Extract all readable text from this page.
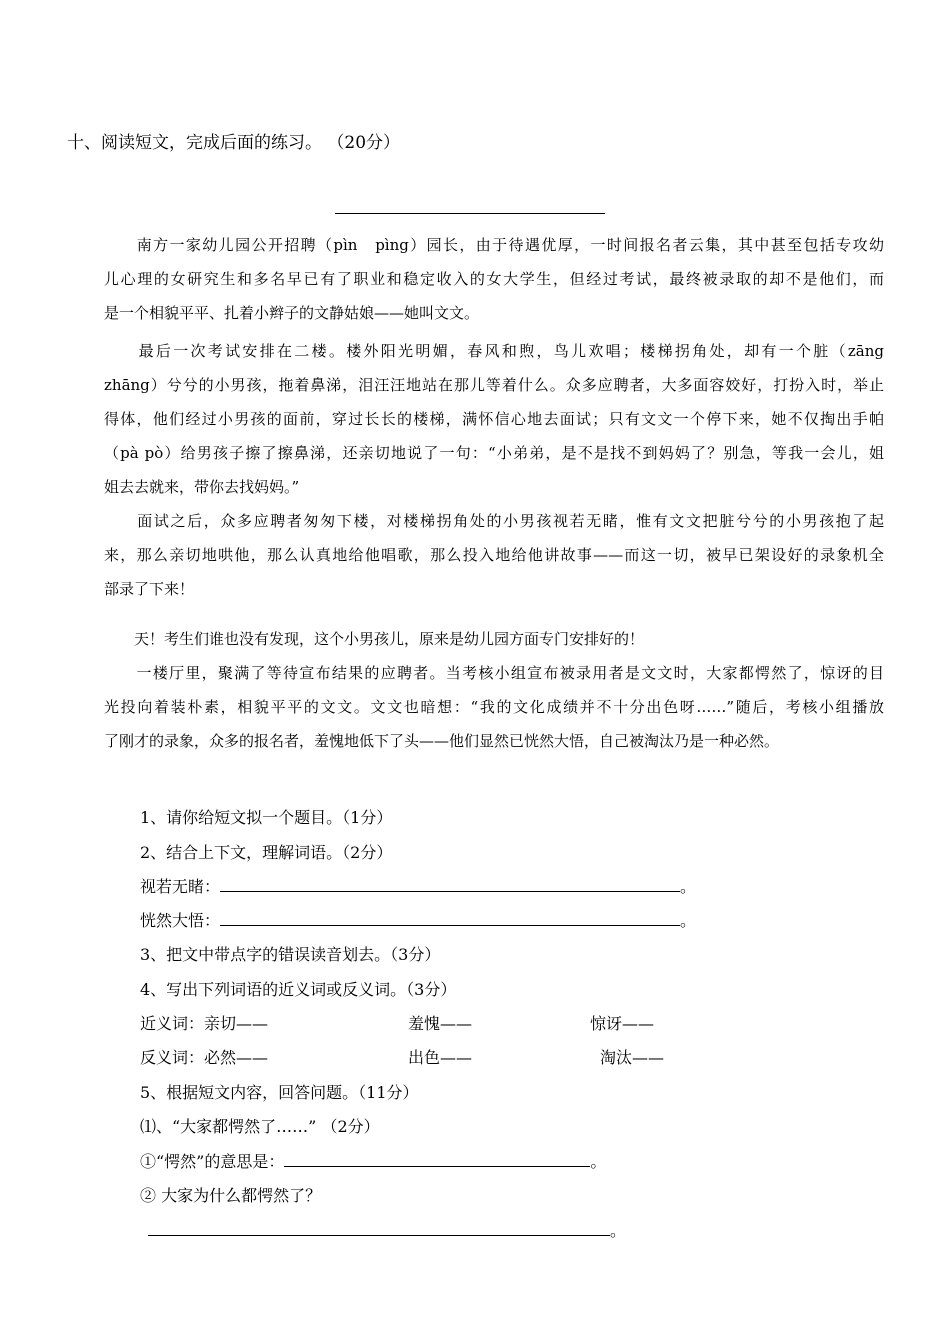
十、阅读短文，完成后面的练习。 （20分）
　　南方一家幼儿园公开招聘（pìn　pìng）园长，由于待遇优厚，一时间报名者云集，其中甚至包括专攻幼
儿心理的女研究生和多名早已有了职业和稳定收入的女大学生，但经过考试，最终被录取的却不是他们，而
是一个相貌平平、扎着小辫子的文静姑娘——她叫文文。
　　最后一次考试安排在二楼。楼外阳光明媚，春风和煦，鸟儿欢唱；楼梯拐角处，却有一个脏（zāng
zhāng）兮兮的小男孩，拖着鼻涕，泪汪汪地站在那儿等着什么。众多应聘者，大多面容姣好，打扮入时，举止
得体，他们经过小男孩的面前，穿过长长的楼梯，满怀信心地去面试；只有文文一个停下来，她不仅掏出手帕
（pà pò）给男孩子擦了擦鼻涕，还亲切地说了一句：“小弟弟，是不是找不到妈妈了？别急，等我一会儿，姐
姐去去就来，带你去找妈妈。”
　　面试之后，众多应聘者匆匆下楼，对楼梯拐角处的小男孩视若无睹，惟有文文把脏兮兮的小男孩抱了起
来，那么亲切地哄他，那么认真地给他唱歌，那么投入地给他讲故事——而这一切，被早已架设好的录象机全
部录了下来！
　　天！考生们谁也没有发现，这个小男孩儿，原来是幼儿园方面专门安排好的！
　　一楼厅里，聚满了等待宣布结果的应聘者。当考核小组宣布被录用者是文文时，大家都愕然了，惊讶的目
光投向着装朴素，相貌平平的文文。文文也暗想：“我的文化成绩并不十分出色呀……”随后，考核小组播放
了刚才的录象，众多的报名者，羞愧地低下了头——他们显然已恍然大悟，自己被淘汰乃是一种必然。
1、请你给短文拟一个题目。（1分）
2、结合上下文，理解词语。（2分）
视若无睹：	。
恍然大悟：	。
3、把文中带点字的错误读音划去。（3分）
4、写出下列词语的近义词或反义词。（3分）
近义词：亲切——	羞愧——	惊讶——
反义词：必然——	出色——	淘汰——
5、根据短文内容，回答问题。（11分）
⑴、“大家都愕然了……” （2分）
①“愕然”的意思是：	。
② 大家为什么都愕然了？
。
